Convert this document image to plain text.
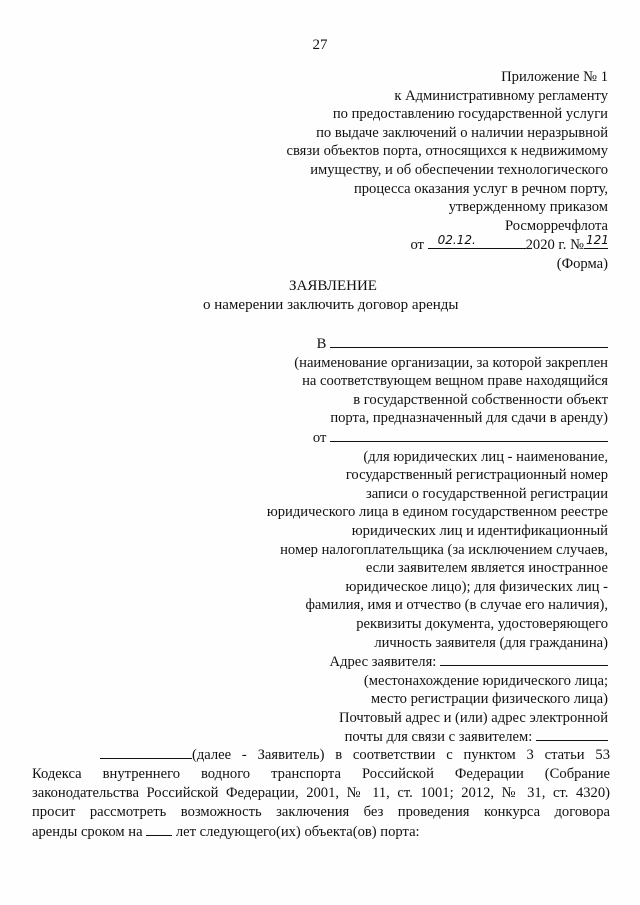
27
Приложение № 1
к Административному регламенту
по предоставлению государственной услуги
по выдаче заключений о наличии неразрывной
связи объектов порта, относящихся к недвижимому
имуществу, и об обеспечении технологического
процесса оказания услуг в речном порту,
утвержденному приказом
Росморречфлота
от 02.12.	2020 г. № 121
(Форма)
ЗАЯВЛЕНИЕ
о намерении заключить договор аренды
В
(наименование организации, за которой закреплен
на соответствующем вещном праве находящийся
в государственной собственности объект
порта, предназначенный для сдачи в аренду)
от
(для юридических лиц - наименование,
государственный регистрационный номер
записи о государственной регистрации
юридического лица в едином государственном реестре
юридических лиц и идентификационный
номер налогоплательщика (за исключением случаев,
если заявителем является иностранное
юридическое лицо); для физических лиц -
фамилия, имя и отчество (в случае его наличия),
реквизиты документа, удостоверяющего
личность заявителя (для гражданина)
Адрес заявителя:
(местонахождение юридического лица;
место регистрации физического лица)
Почтовый адрес и (или) адрес электронной
почты для связи с заявителем:
(далее - Заявитель) в соответствии с пунктом 3 статьи 53
Кодекса внутреннего водного транспорта Российской Федерации (Собрание
законодательства Российской Федерации, 2001, № 11, ст. 1001; 2012, № 31, ст. 4320)
просит рассмотреть возможность заключения без проведения конкурса договора
аренды сроком на лет следующего(их) объекта(ов) порта:
